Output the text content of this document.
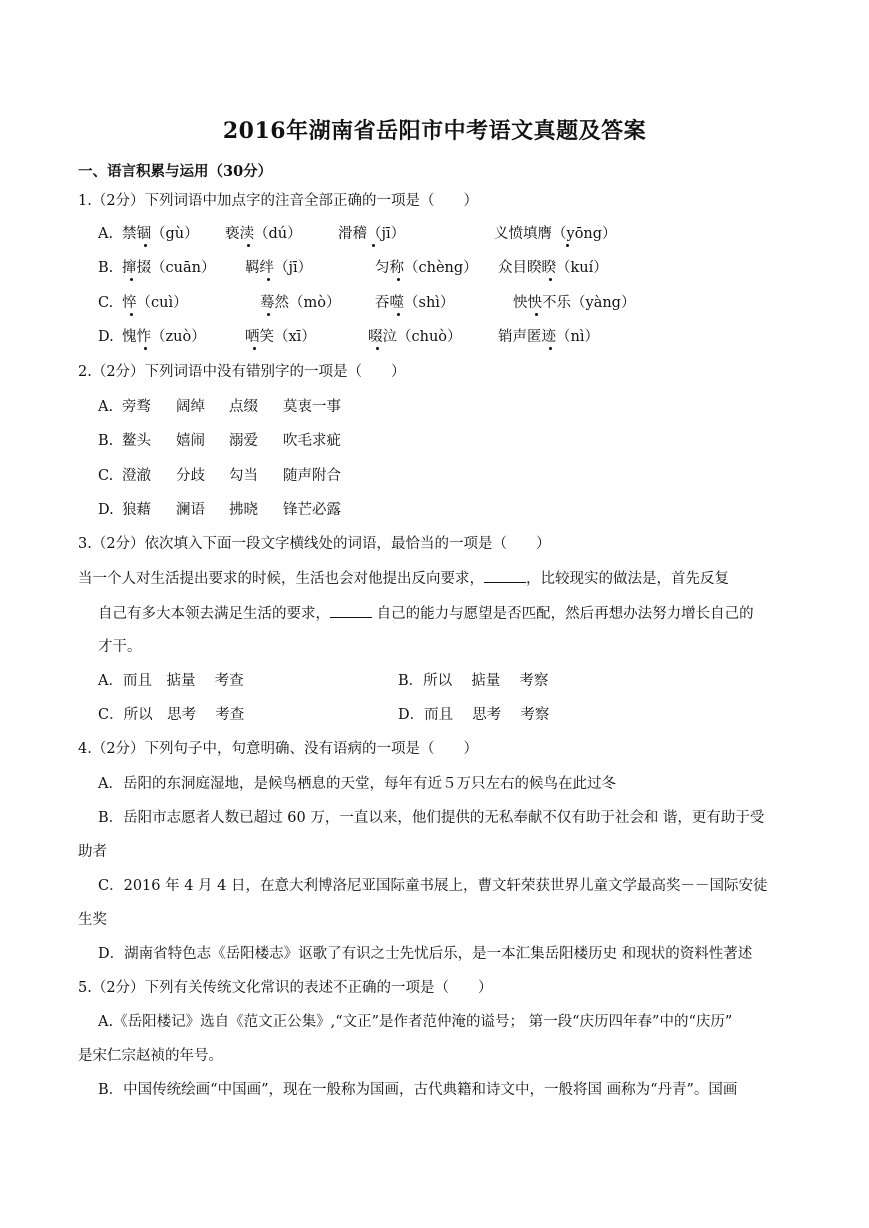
2016年湖南省岳阳市中考语文真题及答案
一、语言积累与运用（30分）
1.（2分）下列词语中加点字的注音全部正确的一项是（　　）
A. 禁锢（gù） 亵渎（dú）	滑稽（jī）	义愤填膺（yōng）
B. 撺掇（cuān） 羁绊（jī）	匀称（chèng） 众目睽睽（kuí）
C. 悴（cuì）	蓦然（mò） 吞噬（shì）	怏怏不乐（yàng）
D. 愧怍（zuò）	哂笑（xī）	啜泣（chuò）	销声匿迹（nì）
2.（2分）下列词语中没有错别字的一项是（　　）
A. 旁骛 阔绰 点缀 莫衷一事
B. 鳌头 嬉闹 溺爱 吹毛求疵
C. 澄澈 分歧 勾当 随声附合
D. 狼藉 澜语 拂晓 锋芒必露
3.（2分）依次填入下面一段文字横线处的词语，最恰当的一项是（　　）
当一个人对生活提出要求的时候，生活也会对他提出反向要求，	，比较现实的做法是，首先反复
自己有多大本领去满足生活的要求，	自己的能力与愿望是否匹配，然后再想办法努力增长自己的
才干。
A．而且　掂量　 考查	B．所以　 掂量　 考察
C．所以　思考　 考查	D．而且　 思考　 考察
4.（2分）下列句子中，句意明确、没有语病的一项是（　　）
A．岳阳的东洞庭湿地，是候鸟栖息的天堂，每年有近５万只左右的候鸟在此过冬
B．岳阳市志愿者人数已超过 60 万，一直以来，他们提供的无私奉献不仅有助于社会和 谐，更有助于受
助者
C．2016 年 4 月 4 日，在意大利博洛尼亚国际童书展上，曹文轩荣获世界儿童文学最高奖－－国际安徒
生奖
D．湖南省特色志《岳阳楼志》讴歌了有识之士先忧后乐，是一本汇集岳阳楼历史 和现状的资料性著述
5.（2分）下列有关传统文化常识的表述不正确的一项是（　　）
A.《岳阳楼记》选自《范文正公集》,“文正”是作者范仲淹的谥号； 第一段“庆历四年春”中的“庆历”
是宋仁宗赵祯的年号。
B．中国传统绘画“中国画”，现在一般称为国画，古代典籍和诗文中，一般将国 画称为“丹青”。国画
